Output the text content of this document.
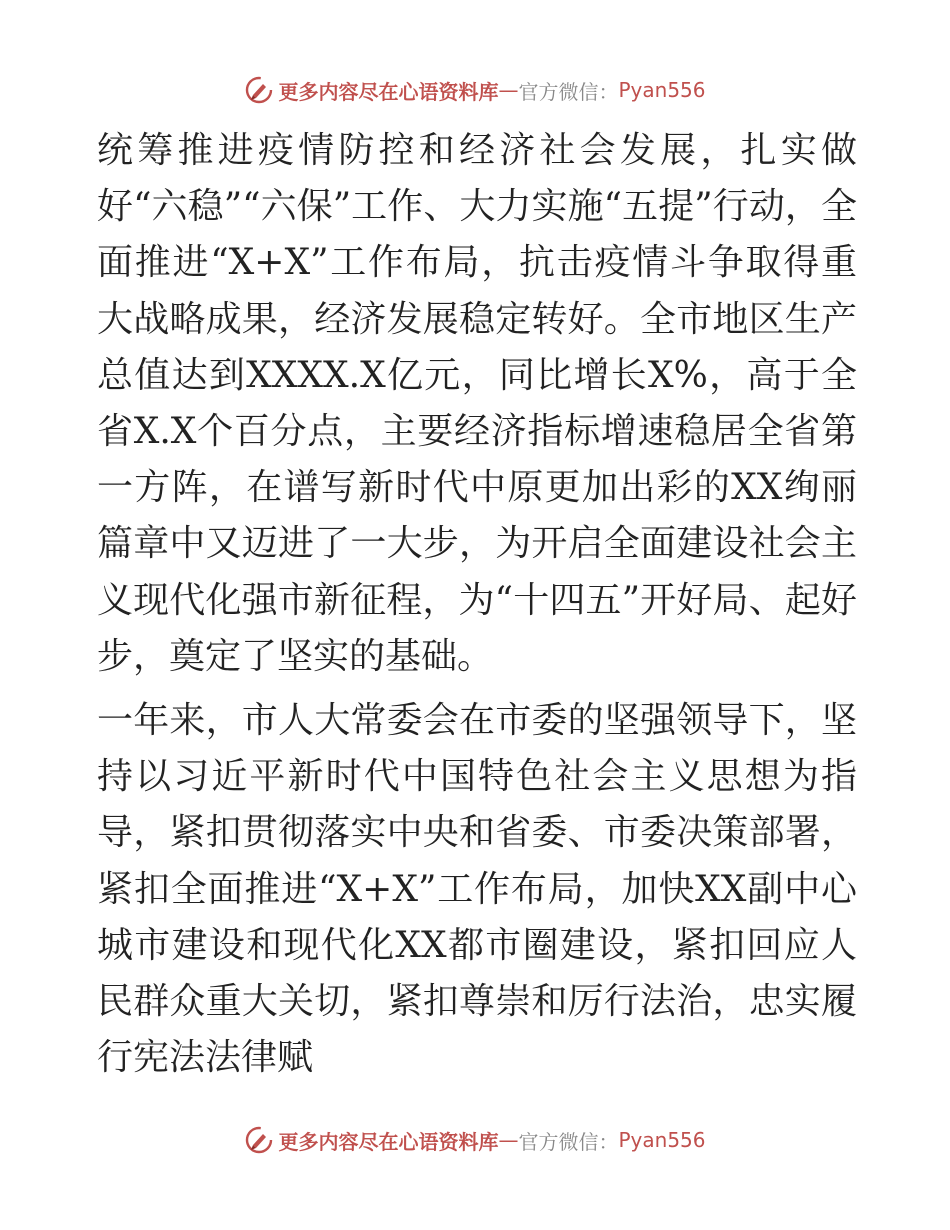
更多内容尽在心语资料库 — 官方微信 ： Pyan556

统筹推进疫情防控和经济社会发展，扎实做好“六稳”“六保”工作、大力实施“五提”行动，全面推进“X+X”工作布局，抗击疫情斗争取得重大战略成果，经济发展稳定转好。全市地区生产总值达到XXXX.X亿元，同比增长X%，高于全省X.X个百分点，主要经济指标增速稳居全省第一方阵，在谱写新时代中原更加出彩的XX绚丽篇章中又迈进了一大步，为开启全面建设社会主义现代化强市新征程，为“十四五”开好局、起好步，奠定了坚实的基础。

一年来，市人大常委会在市委的坚强领导下，坚持以习近平新时代中国特色社会主义思想为指导，紧扣贯彻落实中央和省委、市委决策部署，紧扣全面推进“X+X”工作布局，加快XX副中心城市建设和现代化XX都市圈建设，紧扣回应人民群众重大关切，紧扣尊崇和厉行法治，忠实履行宪法法律赋

更多内容尽在心语资料库 — 官方微信 ： Pyan556
